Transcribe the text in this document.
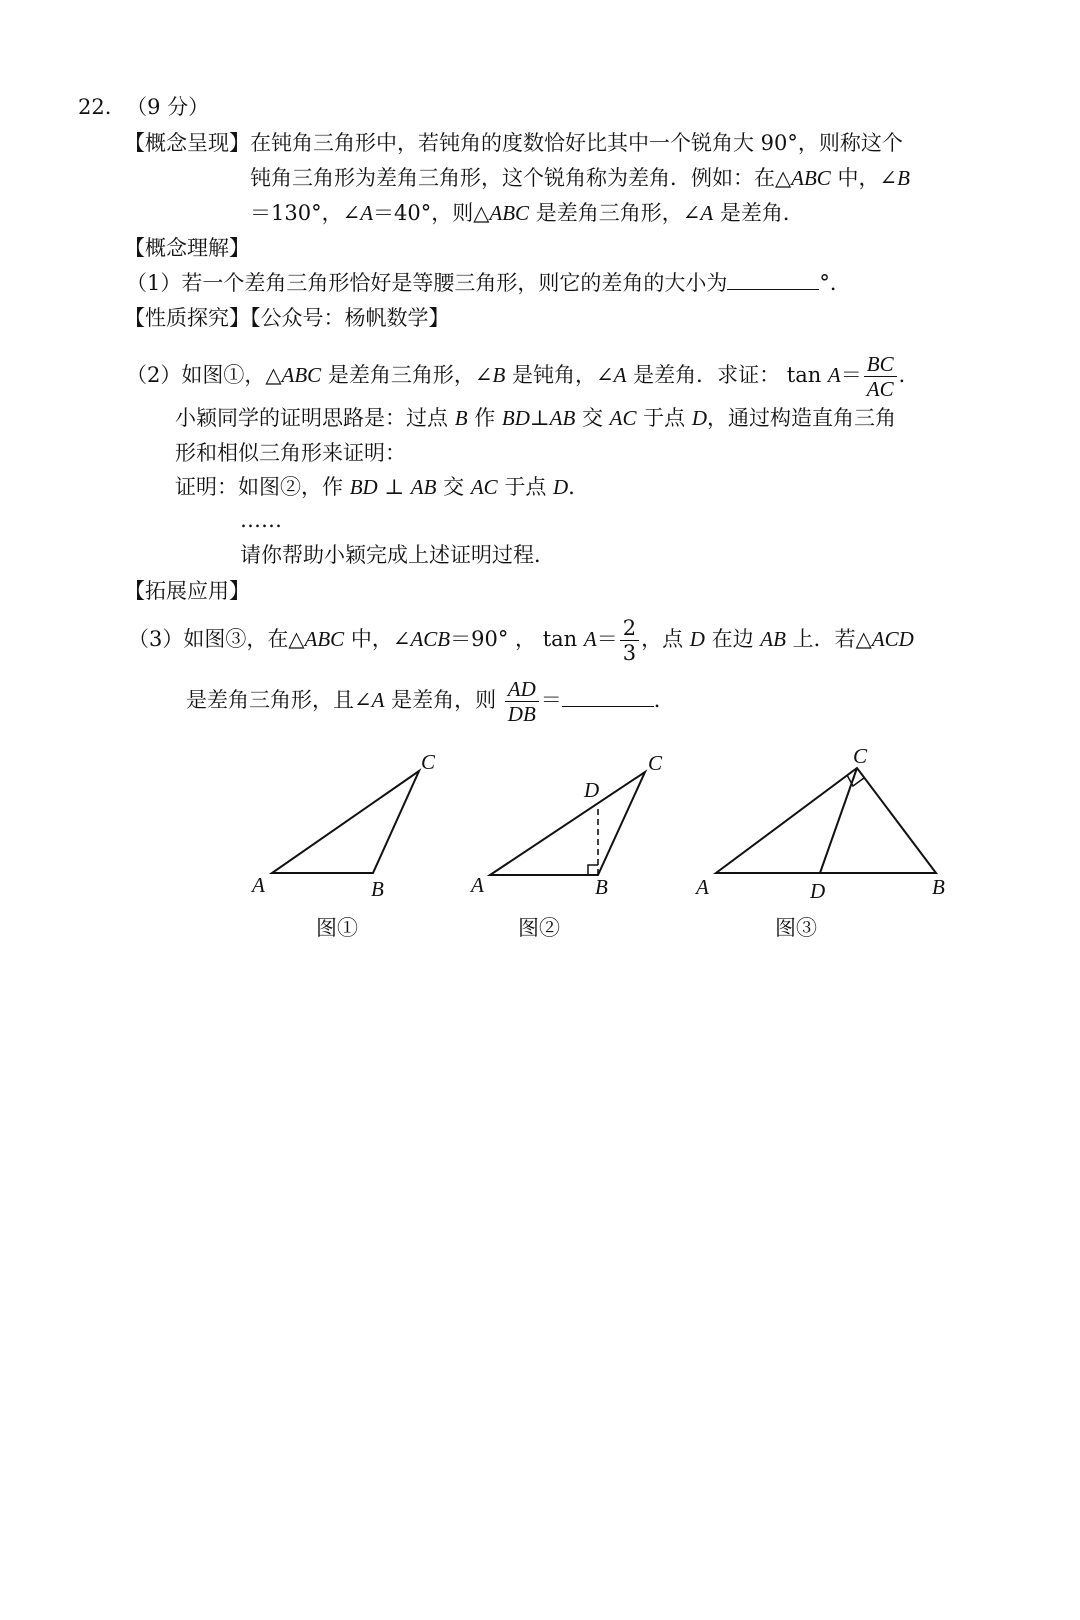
22. （9 分）
【概念呈现】在钝角三角形中，若钝角的度数恰好比其中一个锐角大 90°，则称这个
钝角三角形为差角三角形，这个锐角称为差角．例如：在△ABC 中，∠B
＝130°，∠A＝40°，则△ABC 是差角三角形，∠A 是差角．
【概念理解】
（1）若一个差角三角形恰好是等腰三角形，则它的差角的大小为	°．
【性质探究】【公众号：杨帆数学】
（2）如图①，△ABC 是差角三角形，∠B 是钝角，∠A 是差角．求证： $\tan A= \frac{BC}{AC}$ ．
小颖同学的证明思路是：过点 B 作 BD⊥AB 交 AC 于点 D，通过构造直角三角
形和相似三角形来证明：
证明：如图②，作 BD ⊥ AB 交 AC 于点 D．
……
请你帮助小颖完成上述证明过程．
【拓展应用】
（3）如图③，在△ABC 中，∠ACB＝90° ， $\tan A= \frac{2}{3}$ ，点 D 在边 AB 上．若△ACD
是差角三角形，且∠A 是差角，则 $\frac{AD}{DB}$ ＝	．
A	B
C
A	B
C
D
A	B
C
D
图①	图②	图③
